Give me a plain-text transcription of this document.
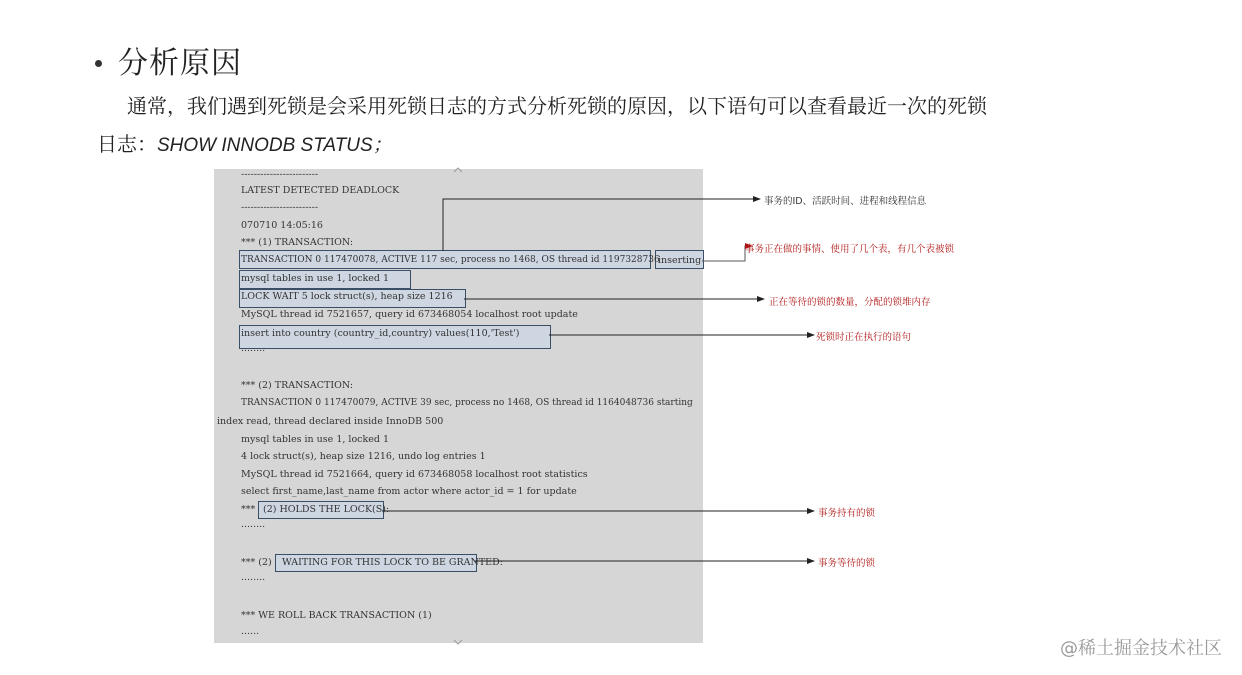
分析原因
通常，我们遇到死锁是会采用死锁日志的方式分析死锁的原因，以下语句可以查看最近一次的死锁
日志：SHOW INNODB STATUS；
------------------------
LATEST DETECTED DEADLOCK
------------------------
070710 14:05:16
*** (1) TRANSACTION:
TRANSACTION 0 117470078, ACTIVE 117 sec, process no 1468, OS thread id 1197328736
inserting
mysql tables in use 1, locked 1
LOCK WAIT 5 lock struct(s), heap size 1216
MySQL thread id 7521657, query id 673468054 localhost root update
insert into country (country_id,country) values(110,'Test')
........
*** (2) TRANSACTION:
TRANSACTION 0 117470079, ACTIVE 39 sec, process no 1468, OS thread id 1164048736 starting
index read, thread declared inside InnoDB 500
mysql tables in use 1, locked 1
4 lock struct(s), heap size 1216, undo log entries 1
MySQL thread id 7521664, query id 673468058 localhost root statistics
select first_name,last_name from actor where actor_id = 1 for update
*** (2) HOLDS THE LOCK(S):
........
*** (2) WAITING FOR THIS LOCK TO BE GRANTED:
........
*** WE ROLL BACK TRANSACTION (1)
......
事务的ID、活跃时间、进程和线程信息
事务正在做的事情、使用了几个表，有几个表被锁
正在等待的锁的数量，分配的锁堆内存
死锁时正在执行的语句
事务持有的锁
事务等待的锁
@稀土掘金技术社区
